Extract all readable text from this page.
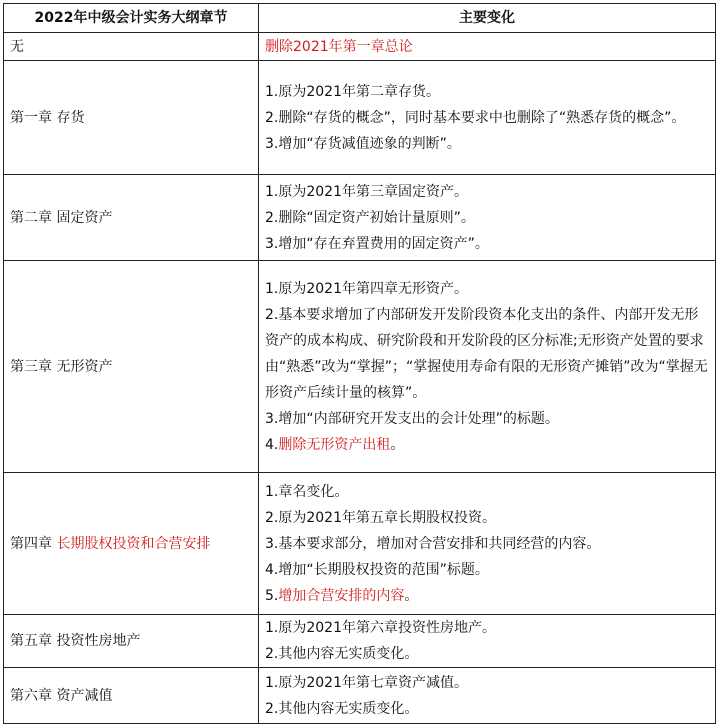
2022年中级会计实务大纲章节	主要变化
无	删除2021年第一章总论

第一章 存货	1.原为2021年第二章存货。
2.删除“存货的概念”，同时基本要求中也删除了“熟悉存货的概念”。
3.增加“存货减值迹象的判断”。

第二章 固定资产	1.原为2021年第三章固定资产。
2.删除“固定资产初始计量原则”。
3.增加“存在弃置费用的固定资产”。

第三章 无形资产	1.原为2021年第四章无形资产。
2.基本要求增加了内部研发开发阶段资本化支出的条件、内部开发无形资产的成本构成、研究阶段和开发阶段的区分标准;无形资产处置的要求由“熟悉”改为“掌握”；“掌握使用寿命有限的无形资产摊销”改为“掌握无形资产后续计量的核算”。
3.增加“内部研究开发支出的会计处理”的标题。
4.删除无形资产出租。

第四章 长期股权投资和合营安排	1.章名变化。
2.原为2021年第五章长期股权投资。
3.基本要求部分，增加对合营安排和共同经营的内容。
4.增加“长期股权投资的范围”标题。
5.增加合营安排的内容。

第五章 投资性房地产	1.原为2021年第六章投资性房地产。
2.其他内容无实质变化。

第六章 资产减值	1.原为2021年第七章资产减值。
2.其他内容无实质变化。
